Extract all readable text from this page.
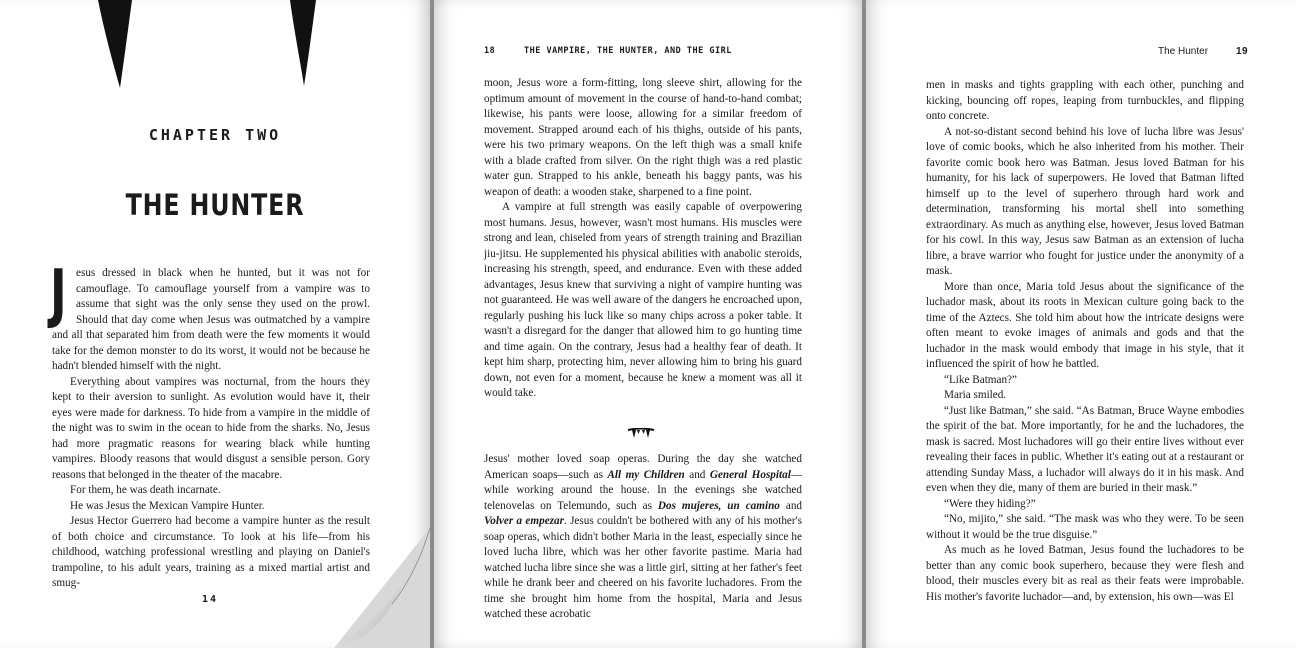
CHAPTER TWO
THE HUNTER

Jesus dressed in black when he hunted, but it was not for camouflage. To camouflage yourself from a vampire was to assume that sight was the only sense they used on the prowl. Should that day come when Jesus was outmatched by a vampire and all that separated him from death were the few moments it would take for the demon monster to do its worst, it would not be because he hadn't blended himself with the night.

Everything about vampires was nocturnal, from the hours they kept to their aversion to sunlight. As evolution would have it, their eyes were made for darkness. To hide from a vampire in the middle of the night was to swim in the ocean to hide from the sharks. No, Jesus had more pragmatic reasons for wearing black while hunting vampires. Bloody reasons that would disgust a sensible person. Gory reasons that belonged in the theater of the macabre.

For them, he was death incarnate.

He was Jesus the Mexican Vampire Hunter.

Jesus Hector Guerrero had become a vampire hunter as the result of both choice and circumstance. To look at his life—from his childhood, watching professional wrestling and playing on Daniel's trampoline, to his adult years, training as a mixed martial artist and smug-

14
18	THE VAMPIRE, THE HUNTER, AND THE GIRL

moon, Jesus wore a form-fitting, long sleeve shirt, allowing for the optimum amount of movement in the course of hand-to-hand combat; likewise, his pants were loose, allowing for a similar freedom of movement. Strapped around each of his thighs, outside of his pants, were his two primary weapons. On the left thigh was a small knife with a blade crafted from silver. On the right thigh was a red plastic water gun. Strapped to his ankle, beneath his baggy pants, was his weapon of death: a wooden stake, sharpened to a fine point.

A vampire at full strength was easily capable of overpowering most humans. Jesus, however, wasn't most humans. His muscles were strong and lean, chiseled from years of strength training and Brazilian jiu-jitsu. He supplemented his physical abilities with anabolic steroids, increasing his strength, speed, and endurance. Even with these added advantages, Jesus knew that surviving a night of vampire hunting was not guaranteed. He was well aware of the dangers he encroached upon, regularly pushing his luck like so many chips across a poker table. It wasn't a disregard for the danger that allowed him to go hunting time and time again. On the contrary, Jesus had a healthy fear of death. It kept him sharp, protecting him, never allowing him to bring his guard down, not even for a moment, because he knew a moment was all it would take.

Jesus' mother loved soap operas. During the day she watched American soaps—such as All my Children and General Hospital—while working around the house. In the evenings she watched telenovelas on Telemundo, such as Dos mujeres, un camino and Volver a empezar. Jesus couldn't be bothered with any of his mother's soap operas, which didn't bother Maria in the least, especially since he loved lucha libre, which was her other favorite pastime. Maria had watched lucha libre since she was a little girl, sitting at her father's feet while he drank beer and cheered on his favorite luchadores. From the time she brought him home from the hospital, Maria and Jesus watched these acrobatic

The Hunter	19

men in masks and tights grappling with each other, punching and kicking, bouncing off ropes, leaping from turnbuckles, and flipping onto concrete.

A not-so-distant second behind his love of lucha libre was Jesus' love of comic books, which he also inherited from his mother. Their favorite comic book hero was Batman. Jesus loved Batman for his humanity, for his lack of superpowers. He loved that Batman lifted himself up to the level of superhero through hard work and determination, transforming his mortal shell into something extraordinary. As much as anything else, however, Jesus loved Batman for his cowl. In this way, Jesus saw Batman as an extension of lucha libre, a brave warrior who fought for justice under the anonymity of a mask.

More than once, Maria told Jesus about the significance of the luchador mask, about its roots in Mexican culture going back to the time of the Aztecs. She told him about how the intricate designs were often meant to evoke images of animals and gods and that the luchador in the mask would embody that image in his style, that it influenced the spirit of how he battled.

“Like Batman?”

Maria smiled.

“Just like Batman,” she said. “As Batman, Bruce Wayne embodies the spirit of the bat. More importantly, for he and the luchadores, the mask is sacred. Most luchadores will go their entire lives without ever revealing their faces in public. Whether it's eating out at a restaurant or attending Sunday Mass, a luchador will always do it in his mask. And even when they die, many of them are buried in their mask.”

“Were they hiding?”

“No, mijito,” she said. “The mask was who they were. To be seen without it would be the true disguise.”

As much as he loved Batman, Jesus found the luchadores to be better than any comic book superhero, because they were flesh and blood, their muscles every bit as real as their feats were improbable. His mother's favorite luchador—and, by extension, his own—was El
